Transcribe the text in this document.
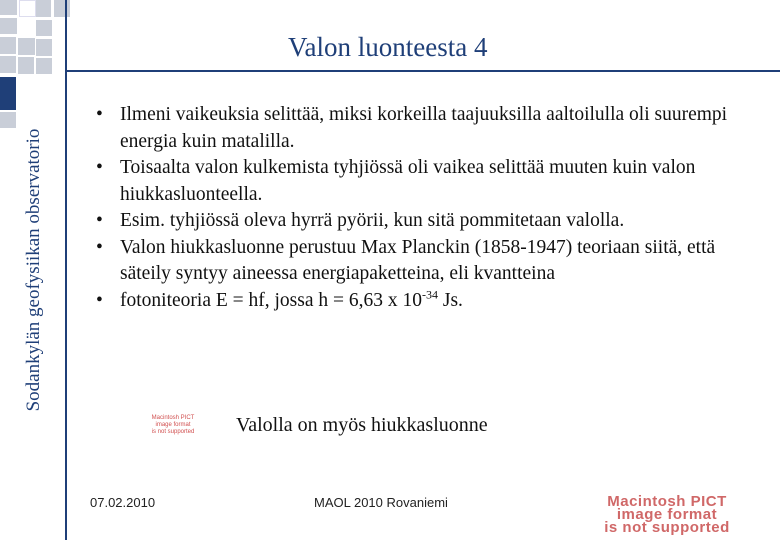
Sodankylän geofysiikan observatorio
Valon luonteesta 4
• Ilmeni vaikeuksia selittää, miksi korkeilla taajuuksilla aaltoilulla oli suurempi energia kuin matalilla.
• Toisaalta valon kulkemista tyhjiössä oli vaikea selittää muuten kuin valon hiukkasluonteella.
• Esim. tyhjiössä oleva hyrrä pyörii, kun sitä pommitetaan valolla.
• Valon hiukkasluonne perustuu Max Planckin (1858-1947) teoriaan siitä, että säteily syntyy aineessa energiapaketteina, eli kvantteina
• fotoniteoria E = hf, jossa h = 6,63 x $10^{-34}$ Js.
Macintosh PICT
image format
is not supported Valolla on myös hiukkasluonne
07.02.2010	MAOL 2010 Rovaniemi	Macintosh PICT
image format
is not supported
